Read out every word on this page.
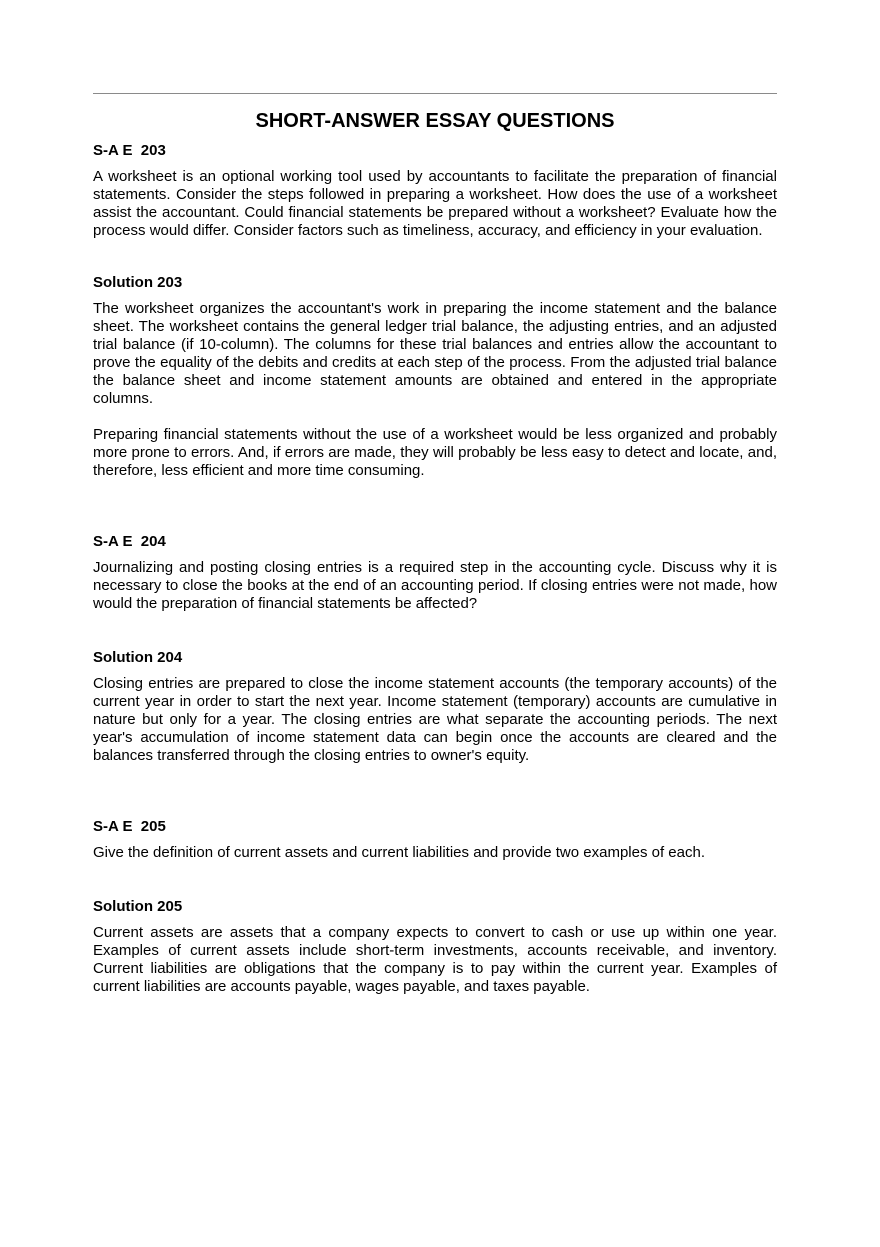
SHORT-ANSWER ESSAY QUESTIONS
S-A E  203

A worksheet is an optional working tool used by accountants to facilitate the preparation of financial statements. Consider the steps followed in preparing a worksheet. How does the use of a worksheet assist the accountant. Could financial statements be prepared without a worksheet? Evaluate how the process would differ. Consider factors such as timeliness, accuracy, and efficiency in your evaluation.

Solution 203

The worksheet organizes the accountant's work in preparing the income statement and the balance sheet. The worksheet contains the general ledger trial balance, the adjusting entries, and an adjusted trial balance (if 10-column). The columns for these trial balances and entries allow the accountant to prove the equality of the debits and credits at each step of the process. From the adjusted trial balance the balance sheet and income statement amounts are obtained and entered in the appropriate columns.

Preparing financial statements without the use of a worksheet would be less organized and probably more prone to errors. And, if errors are made, they will probably be less easy to detect and locate, and, therefore, less efficient and more time consuming.

S-A E  204

Journalizing and posting closing entries is a required step in the accounting cycle. Discuss why it is necessary to close the books at the end of an accounting period. If closing entries were not made, how would the preparation of financial statements be affected?

Solution 204

Closing entries are prepared to close the income statement accounts (the temporary accounts) of the current year in order to start the next year. Income statement (temporary) accounts are cumulative in nature but only for a year. The closing entries are what separate the accounting periods. The next year's accumulation of income statement data can begin once the accounts are cleared and the balances transferred through the closing entries to owner's equity.

S-A E  205

Give the definition of current assets and current liabilities and provide two examples of each.

Solution 205

Current assets are assets that a company expects to convert to cash or use up within one year. Examples of current assets include short-term investments, accounts receivable, and inventory. Current liabilities are obligations that the company is to pay within the current year. Examples of current liabilities are accounts payable, wages payable, and taxes payable.
